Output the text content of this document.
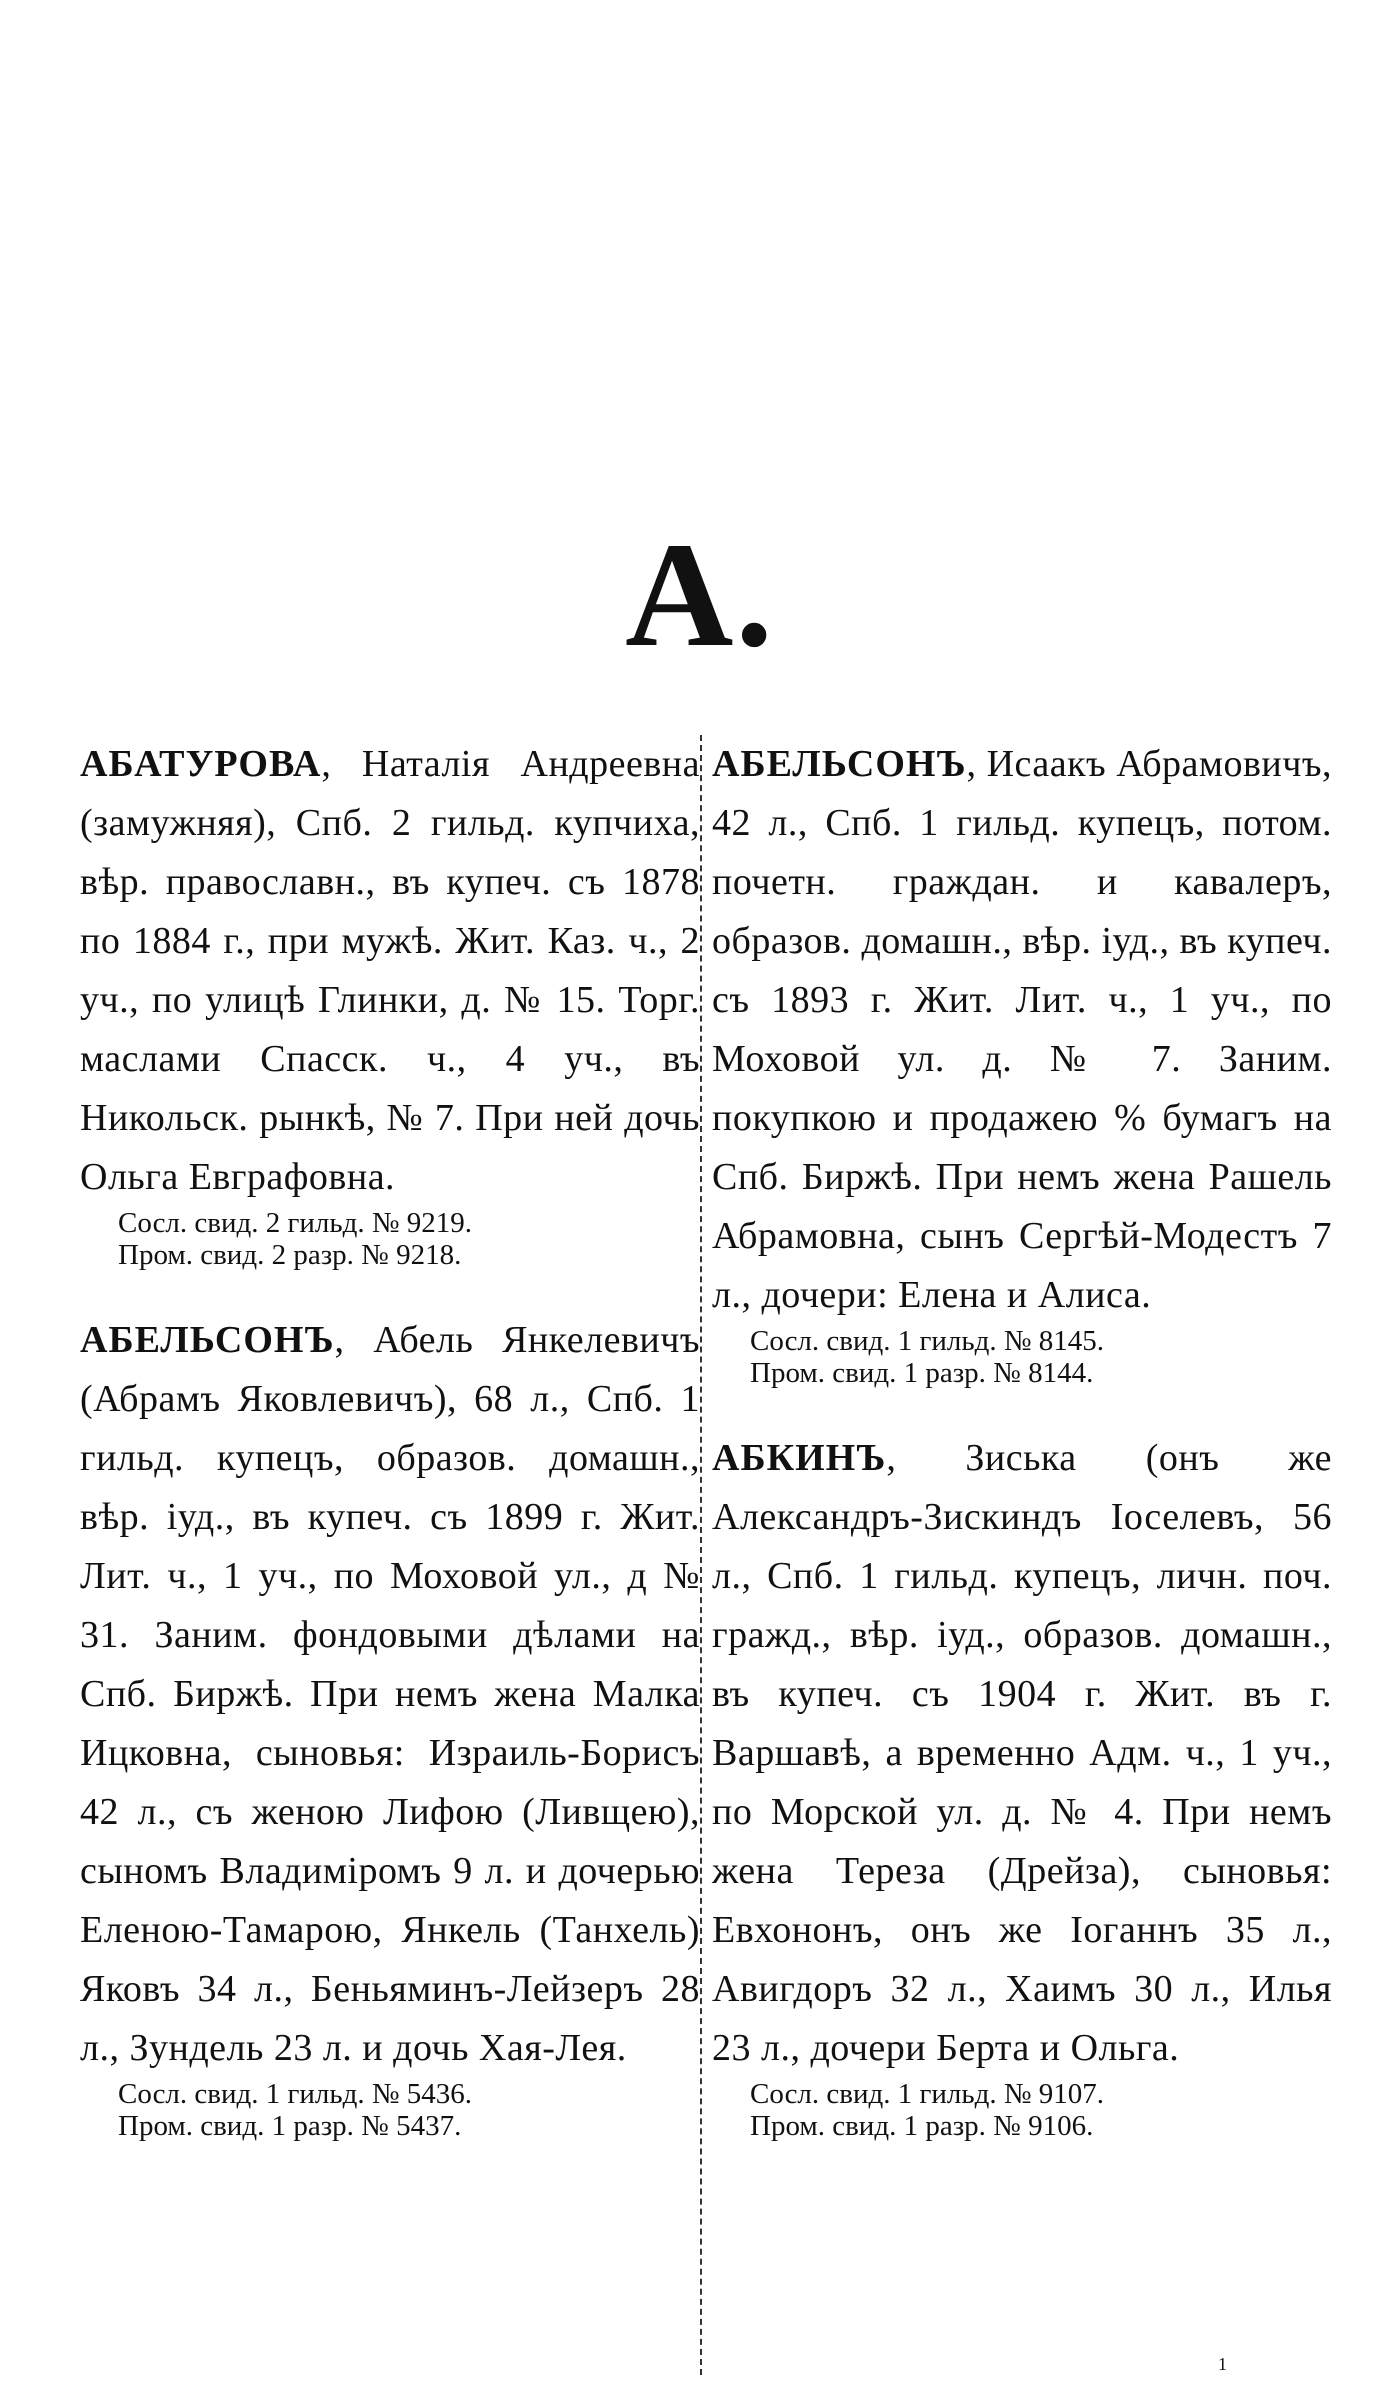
А.
АБАТУРОВА, Наталія Андреевна (замужняя), Спб. 2 гильд. купчиха, вѣр. православн., въ купеч. съ 1878 по 1884 г., при мужѣ. Жит. Каз. ч., 2 уч., по улицѣ Глинки, д. № 15. Торг. маслами Спасск. ч., 4 уч., въ Никольск. рынкѣ, № 7. При ней дочь Ольга Евграфовна.
Сосл. свид. 2 гильд. № 9219.
Пром. свид. 2 разр. № 9218.
АБЕЛЬСОНЪ, Абель Янкелевичъ (Абрамъ Яковлевичъ), 68 л., Спб. 1 гильд. купецъ, образов. домашн., вѣр. іуд., въ купеч. съ 1899 г. Жит. Лит. ч., 1 уч., по Моховой ул., д № 31. Заним. фондовыми дѣлами на Спб. Биржѣ. При немъ жена Малка Ицковна, сыновья: Израиль-Борисъ 42 л., съ женою Лифою (Ливщею), сыномъ Владиміромъ 9 л. и дочерью Еленою-Тамарою, Янкель (Танхель) Яковъ 34 л., Беньяминъ-Лейзеръ 28 л., Зундель 23 л. и дочь Хая-Лея.
Сосл. свид. 1 гильд. № 5436.
Пром. свид. 1 разр. № 5437.
АБЕЛЬСОНЪ, Исаакъ Абрамовичъ, 42 л., Спб. 1 гильд. купецъ, потом. почетн. граждан. и кавалеръ, образов. домашн., вѣр. іуд., въ купеч. съ 1893 г. Жит. Лит. ч., 1 уч., по Моховой ул. д. № 7. Заним. покупкою и продажею % бумагъ на Спб. Биржѣ. При немъ жена Рашель Абрамовна, сынъ Сергѣй-Модестъ 7 л., дочери: Елена и Алиса.
Сосл. свид. 1 гильд. № 8145.
Пром. свид. 1 разр. № 8144.
АБКИНЪ, Зиська (онъ же Александръ-Зискиндъ Іоселевъ, 56 л., Спб. 1 гильд. купецъ, личн. поч. гражд., вѣр. іуд., образов. домашн., въ купеч. съ 1904 г. Жит. въ г. Варшавѣ, а временно Адм. ч., 1 уч., по Морской ул. д. № 4. При немъ жена Тереза (Дрейза), сыновья: Евхононъ, онъ же Іоганнъ 35 л., Авигдоръ 32 л., Хаимъ 30 л., Илья 23 л., дочери Берта и Ольга.
Сосл. свид. 1 гильд. № 9107.
Пром. свид. 1 разр. № 9106.
1
